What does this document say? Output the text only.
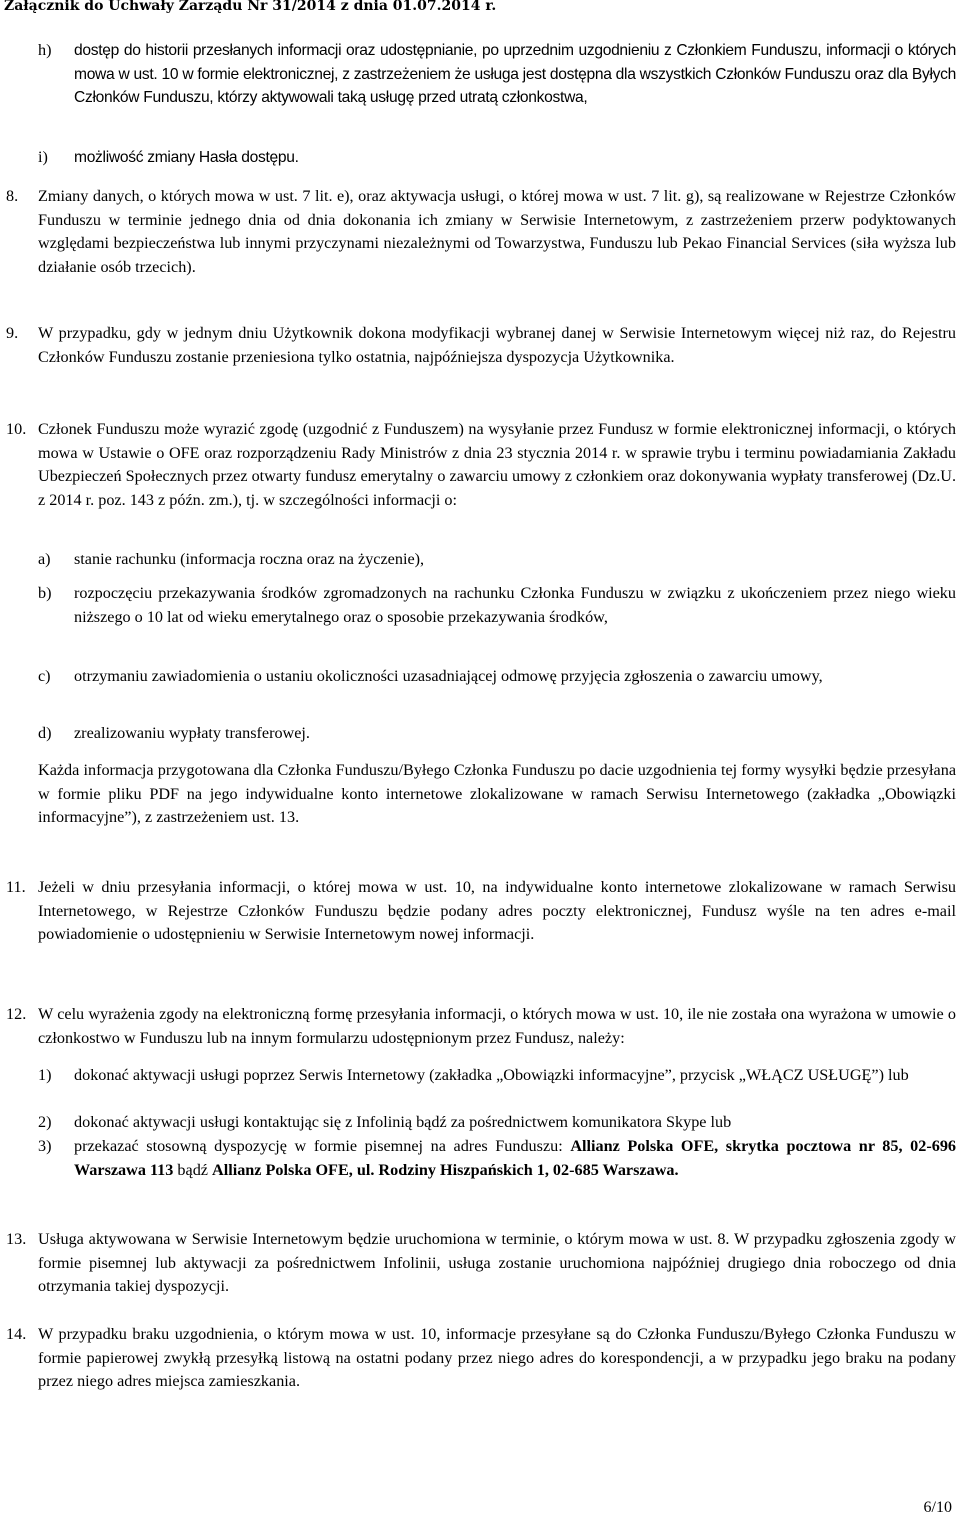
Załącznik do Uchwały Zarządu Nr 31/2014 z dnia 01.07.2014 r.
h) dostęp do historii przesłanych informacji oraz udostępnianie, po uprzednim uzgodnieniu z Członkiem Funduszu, informacji o których mowa w ust. 10 w formie elektronicznej, z zastrzeżeniem że usługa jest dostępna dla wszystkich Członków Funduszu oraz dla Byłych Członków Funduszu, którzy aktywowali taką usługę przed utratą członkostwa,
i) możliwość zmiany Hasła dostępu.
8. Zmiany danych, o których mowa w ust. 7 lit. e), oraz aktywacja usługi, o której mowa w ust. 7 lit. g), są realizowane w Rejestrze Członków Funduszu w terminie jednego dnia od dnia dokonania ich zmiany w Serwisie Internetowym, z zastrzeżeniem przerw podyktowanych względami bezpieczeństwa lub innymi przyczynami niezależnymi od Towarzystwa, Funduszu lub Pekao Financial Services (siła wyższa lub działanie osób trzecich).
9. W przypadku, gdy w jednym dniu Użytkownik dokona modyfikacji wybranej danej w Serwisie Internetowym więcej niż raz, do Rejestru Członków Funduszu zostanie przeniesiona tylko ostatnia, najpóźniejsza dyspozycja Użytkownika.
10. Członek Funduszu może wyrazić zgodę (uzgodnić z Funduszem) na wysyłanie przez Fundusz w formie elektronicznej informacji, o których mowa w Ustawie o OFE oraz rozporządzeniu Rady Ministrów z dnia 23 stycznia 2014 r. w sprawie trybu i terminu powiadamiania Zakładu Ubezpieczeń Społecznych przez otwarty fundusz emerytalny o zawarciu umowy z członkiem oraz dokonywania wypłaty transferowej (Dz.U. z 2014 r. poz. 143 z późn. zm.), tj. w szczególności informacji o:
a) stanie rachunku (informacja roczna oraz na życzenie),
b) rozpoczęciu przekazywania środków zgromadzonych na rachunku Członka Funduszu w związku z ukończeniem przez niego wieku niższego o 10 lat od wieku emerytalnego oraz o sposobie przekazywania środków,
c) otrzymaniu zawiadomienia o ustaniu okoliczności uzasadniającej odmowę przyjęcia zgłoszenia o zawarciu umowy,
d) zrealizowaniu wypłaty transferowej.
Każda informacja przygotowana dla Członka Funduszu/Byłego Członka Funduszu po dacie uzgodnienia tej formy wysyłki będzie przesyłana w formie pliku PDF na jego indywidualne konto internetowe zlokalizowane w ramach Serwisu Internetowego (zakładka „Obowiązki informacyjne”), z zastrzeżeniem ust. 13.
11. Jeżeli w dniu przesyłania informacji, o której mowa w ust. 10, na indywidualne konto internetowe zlokalizowane w ramach Serwisu Internetowego, w Rejestrze Członków Funduszu będzie podany adres poczty elektronicznej, Fundusz wyśle na ten adres e-mail powiadomienie o udostępnieniu w Serwisie Internetowym nowej informacji.
12. W celu wyrażenia zgody na elektroniczną formę przesyłania informacji, o których mowa w ust. 10, ile nie została ona wyrażona w umowie o członkostwo w Funduszu lub na innym formularzu udostępnionym przez Fundusz, należy:
1) dokonać aktywacji usługi poprzez Serwis Internetowy (zakładka „Obowiązki informacyjne”, przycisk „WŁĄCZ USŁUGĘ”) lub
2) dokonać aktywacji usługi kontaktując się z Infolinią bądź za pośrednictwem komunikatora Skype lub
3) przekazać stosowną dyspozycję w formie pisemnej na adres Funduszu: Allianz Polska OFE, skrytka pocztowa nr 85, 02-696 Warszawa 113 bądź Allianz Polska OFE, ul. Rodziny Hiszpańskich 1, 02-685 Warszawa.
13. Usługa aktywowana w Serwisie Internetowym będzie uruchomiona w terminie, o którym mowa w ust. 8. W przypadku zgłoszenia zgody w formie pisemnej lub aktywacji za pośrednictwem Infolinii, usługa zostanie uruchomiona najpóźniej drugiego dnia roboczego od dnia otrzymania takiej dyspozycji.
14. W przypadku braku uzgodnienia, o którym mowa w ust. 10, informacje przesyłane są do Członka Funduszu/Byłego Członka Funduszu w formie papierowej zwykłą przesyłką listową na ostatni podany przez niego adres do korespondencji, a w przypadku jego braku na podany przez niego adres miejsca zamieszkania.
6/10
